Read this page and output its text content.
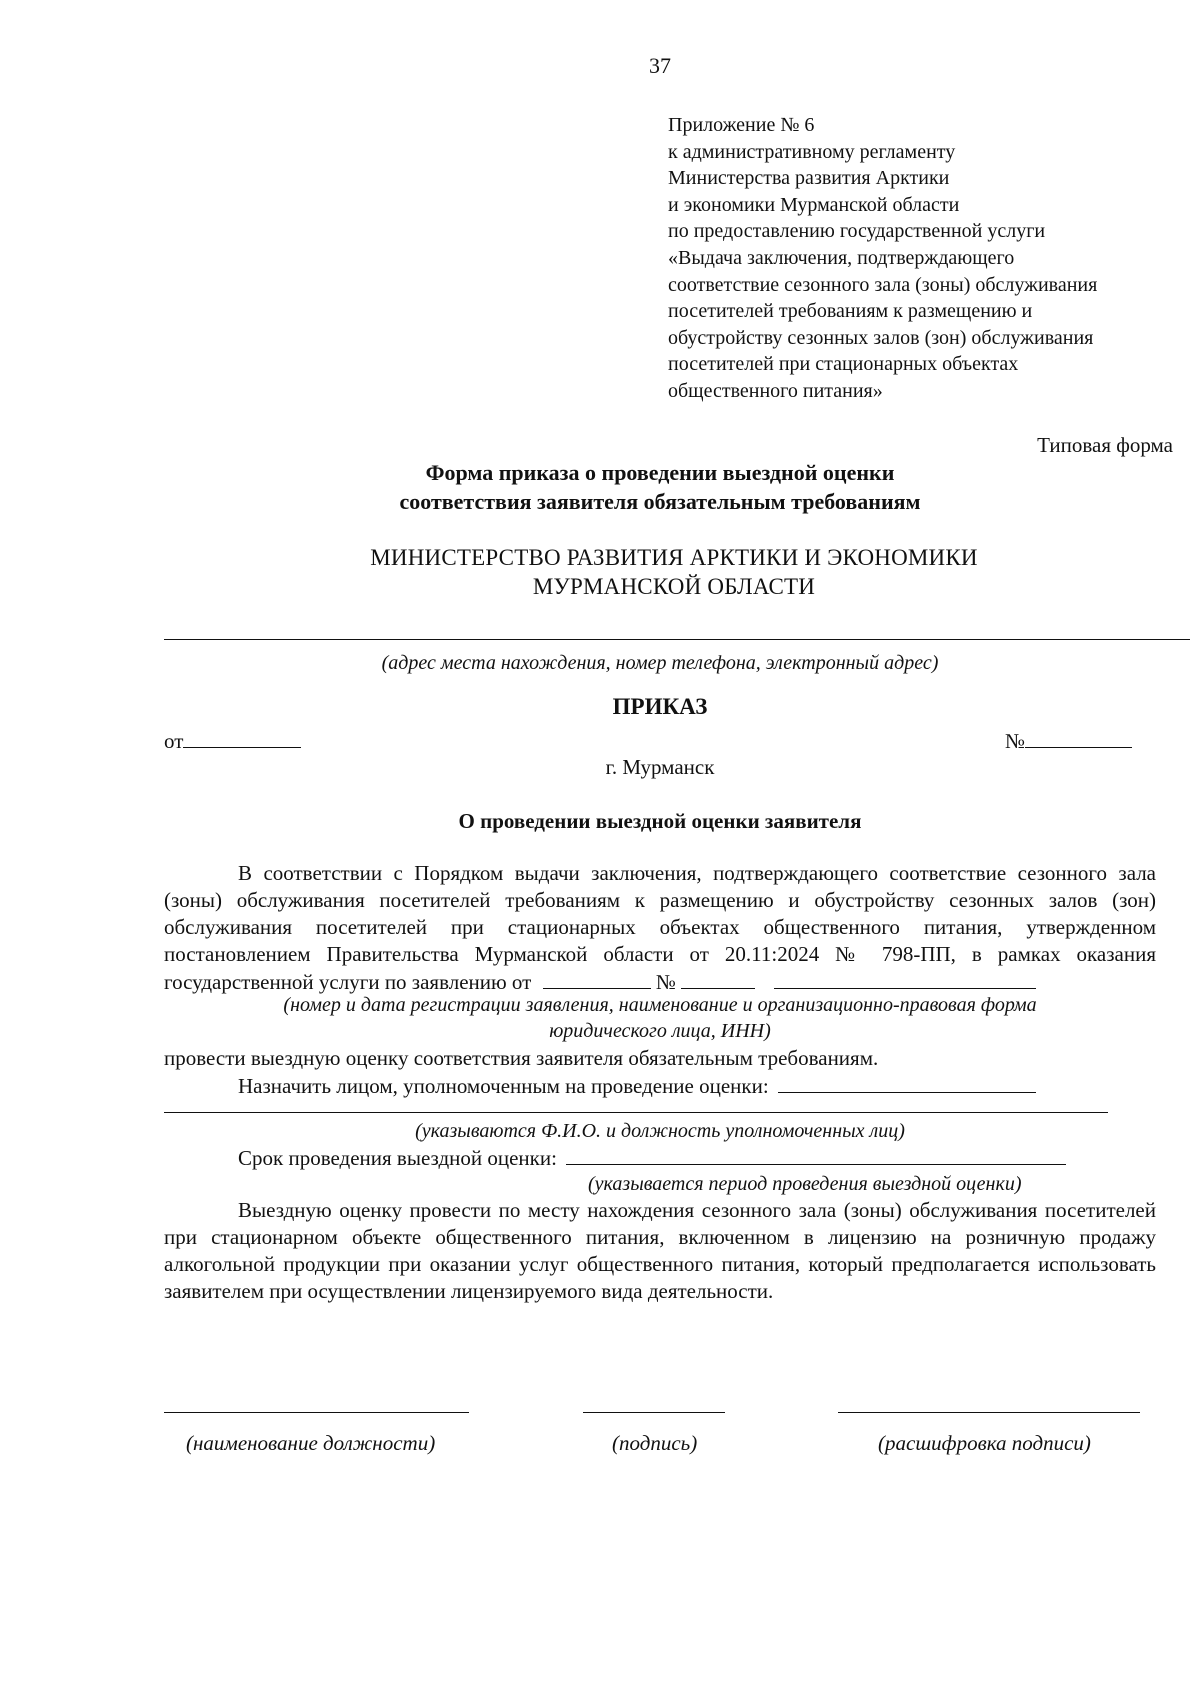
37
Приложение № 6
к административному регламенту
Министерства развития Арктики
и экономики Мурманской области
по предоставлению государственной услуги
«Выдача заключения, подтверждающего
соответствие сезонного зала (зоны) обслуживания
посетителей требованиям к размещению и
обустройству сезонных залов (зон) обслуживания
посетителей при стационарных объектах
общественного питания»
Типовая форма
Форма приказа о проведении выездной оценки
соответствия заявителя обязательным требованиям
МИНИСТЕРСТВО РАЗВИТИЯ АРКТИКИ И ЭКОНОМИКИ
МУРМАНСКОЙ ОБЛАСТИ
(адрес места нахождения, номер телефона, электронный адрес)
ПРИКАЗ
от	№
г. Мурманск
О проведении выездной оценки заявителя
В соответствии с Порядком выдачи заключения, подтверждающего соответствие сезонного зала (зоны) обслуживания посетителей требованиям к размещению и обустройству сезонных залов (зон) обслуживания посетителей при стационарных объектах общественного питания, утвержденном постановлением Правительства Мурманской области от 20.11:2024 № 798-ПП, в рамках оказания государственной услуги по заявлению от	№
(номер и дата регистрации заявления, наименование и организационно-правовая форма
юридического лица, ИНН)
провести выездную оценку соответствия заявителя обязательным требованиям.
Назначить лицом, уполномоченным на проведение оценки:
(указываются Ф.И.О. и должность уполномоченных лиц)
Срок проведения выездной оценки:
(указывается период проведения выездной оценки)
Выездную оценку провести по месту нахождения сезонного зала (зоны) обслуживания посетителей при стационарном объекте общественного питания, включенном в лицензию на розничную продажу алкогольной продукции при оказании услуг общественного питания, который предполагается использовать заявителем при осуществлении лицензируемого вида деятельности.
(наименование должности)	(подпись)	(расшифровка подписи)
